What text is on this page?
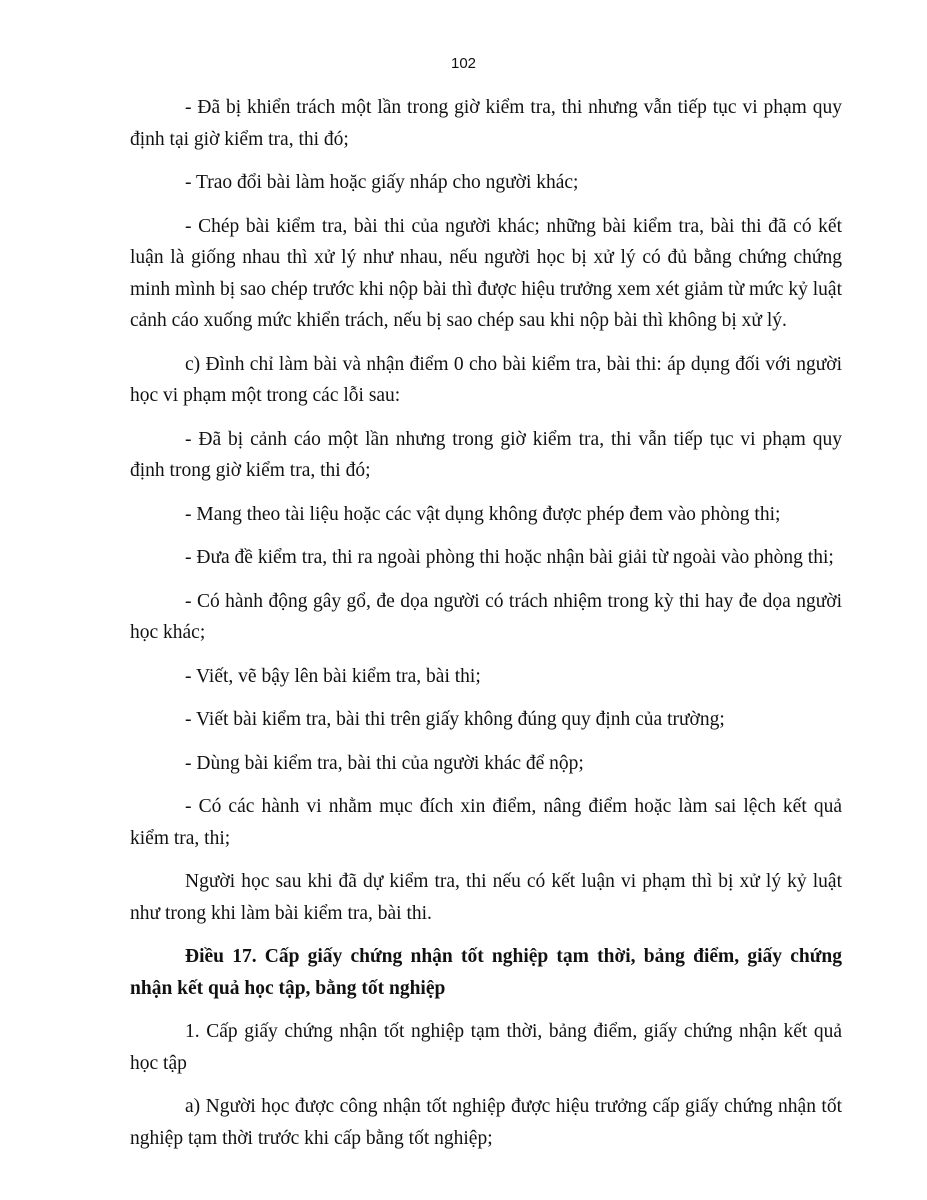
102

- Đã bị khiển trách một lần trong giờ kiểm tra, thi nhưng vẫn tiếp tục vi phạm quy định tại giờ kiểm tra, thi đó;

- Trao đổi bài làm hoặc giấy nháp cho người khác;

- Chép bài kiểm tra, bài thi của người khác; những bài kiểm tra, bài thi đã có kết luận là giống nhau thì xử lý như nhau, nếu người học bị xử lý có đủ bằng chứng chứng minh mình bị sao chép trước khi nộp bài thì được hiệu trưởng xem xét giảm từ mức kỷ luật cảnh cáo xuống mức khiển trách, nếu bị sao chép sau khi nộp bài thì không bị xử lý.

c) Đình chỉ làm bài và nhận điểm 0 cho bài kiểm tra, bài thi: áp dụng đối với người học vi phạm một trong các lỗi sau:

- Đã bị cảnh cáo một lần nhưng trong giờ kiểm tra, thi vẫn tiếp tục vi phạm quy định trong giờ kiểm tra, thi đó;

- Mang theo tài liệu hoặc các vật dụng không được phép đem vào phòng thi;

- Đưa đề kiểm tra, thi ra ngoài phòng thi hoặc nhận bài giải từ ngoài vào phòng thi;

- Có hành động gây gổ, đe dọa người có trách nhiệm trong kỳ thi hay đe dọa người học khác;

- Viết, vẽ bậy lên bài kiểm tra, bài thi;

- Viết bài kiểm tra, bài thi trên giấy không đúng quy định của trường;

- Dùng bài kiểm tra, bài thi của người khác để nộp;

- Có các hành vi nhằm mục đích xin điểm, nâng điểm hoặc làm sai lệch kết quả kiểm tra, thi;

Người học sau khi đã dự kiểm tra, thi nếu có kết luận vi phạm thì bị xử lý kỷ luật như trong khi làm bài kiểm tra, bài thi.

Điều 17. Cấp giấy chứng nhận tốt nghiệp tạm thời, bảng điểm, giấy chứng nhận kết quả học tập, bằng tốt nghiệp

1. Cấp giấy chứng nhận tốt nghiệp tạm thời, bảng điểm, giấy chứng nhận kết quả học tập

a) Người học được công nhận tốt nghiệp được hiệu trưởng cấp giấy chứng nhận tốt nghiệp tạm thời trước khi cấp bằng tốt nghiệp;
